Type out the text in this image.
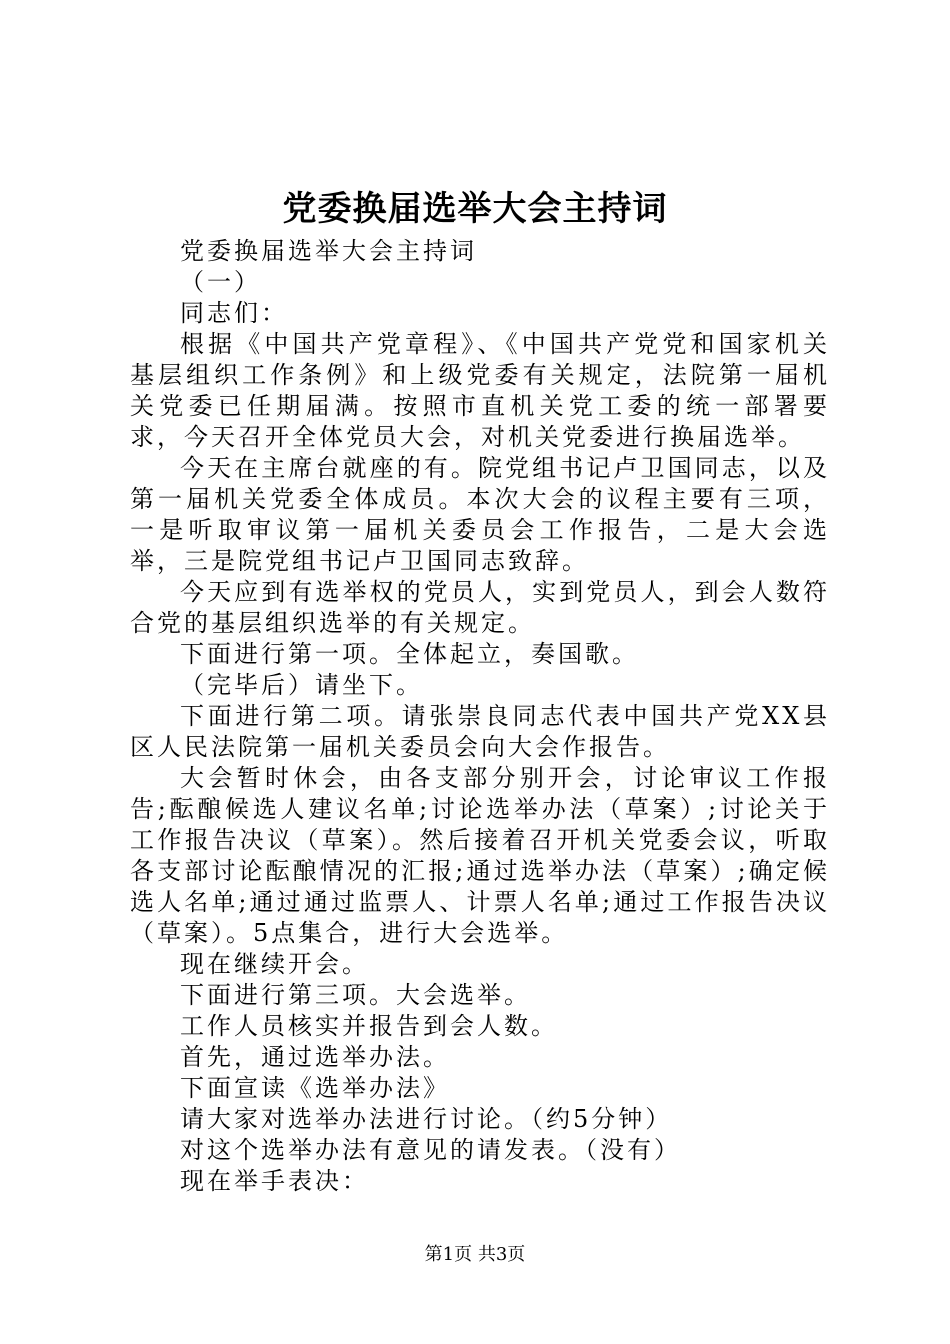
党委换届选举大会主持词

党委换届选举大会主持词

（一）

同志们：

根据《中国共产党章程》、《中国共产党党和国家机关基层组织工作条例》和上级党委有关规定，法院第一届机关党委已任期届满。按照市直机关党工委的统一部署要求，今天召开全体党员大会，对机关党委进行换届选举。

今天在主席台就座的有。院党组书记卢卫国同志，以及第一届机关党委全体成员。本次大会的议程主要有三项，一是听取审议第一届机关委员会工作报告，二是大会选举，三是院党组书记卢卫国同志致辞。

今天应到有选举权的党员人，实到党员人，到会人数符合党的基层组织选举的有关规定。

下面进行第一项。全体起立，奏国歌。

（完毕后）请坐下。

下面进行第二项。请张崇良同志代表中国共产党XX县区人民法院第一届机关委员会向大会作报告。

大会暂时休会，由各支部分别开会，讨论审议工作报告;酝酿候选人建议名单;讨论选举办法（草案）;讨论关于工作报告决议（草案）。然后接着召开机关党委会议，听取各支部讨论酝酿情况的汇报;通过选举办法（草案）;确定候选人名单;通过通过监票人、计票人名单;通过工作报告决议（草案）。5点集合，进行大会选举。

现在继续开会。

下面进行第三项。大会选举。

工作人员核实并报告到会人数。

首先，通过选举办法。

下面宣读《选举办法》

请大家对选举办法进行讨论。（约5分钟）

对这个选举办法有意见的请发表。（没有）

现在举手表决：

第1页 共3页
